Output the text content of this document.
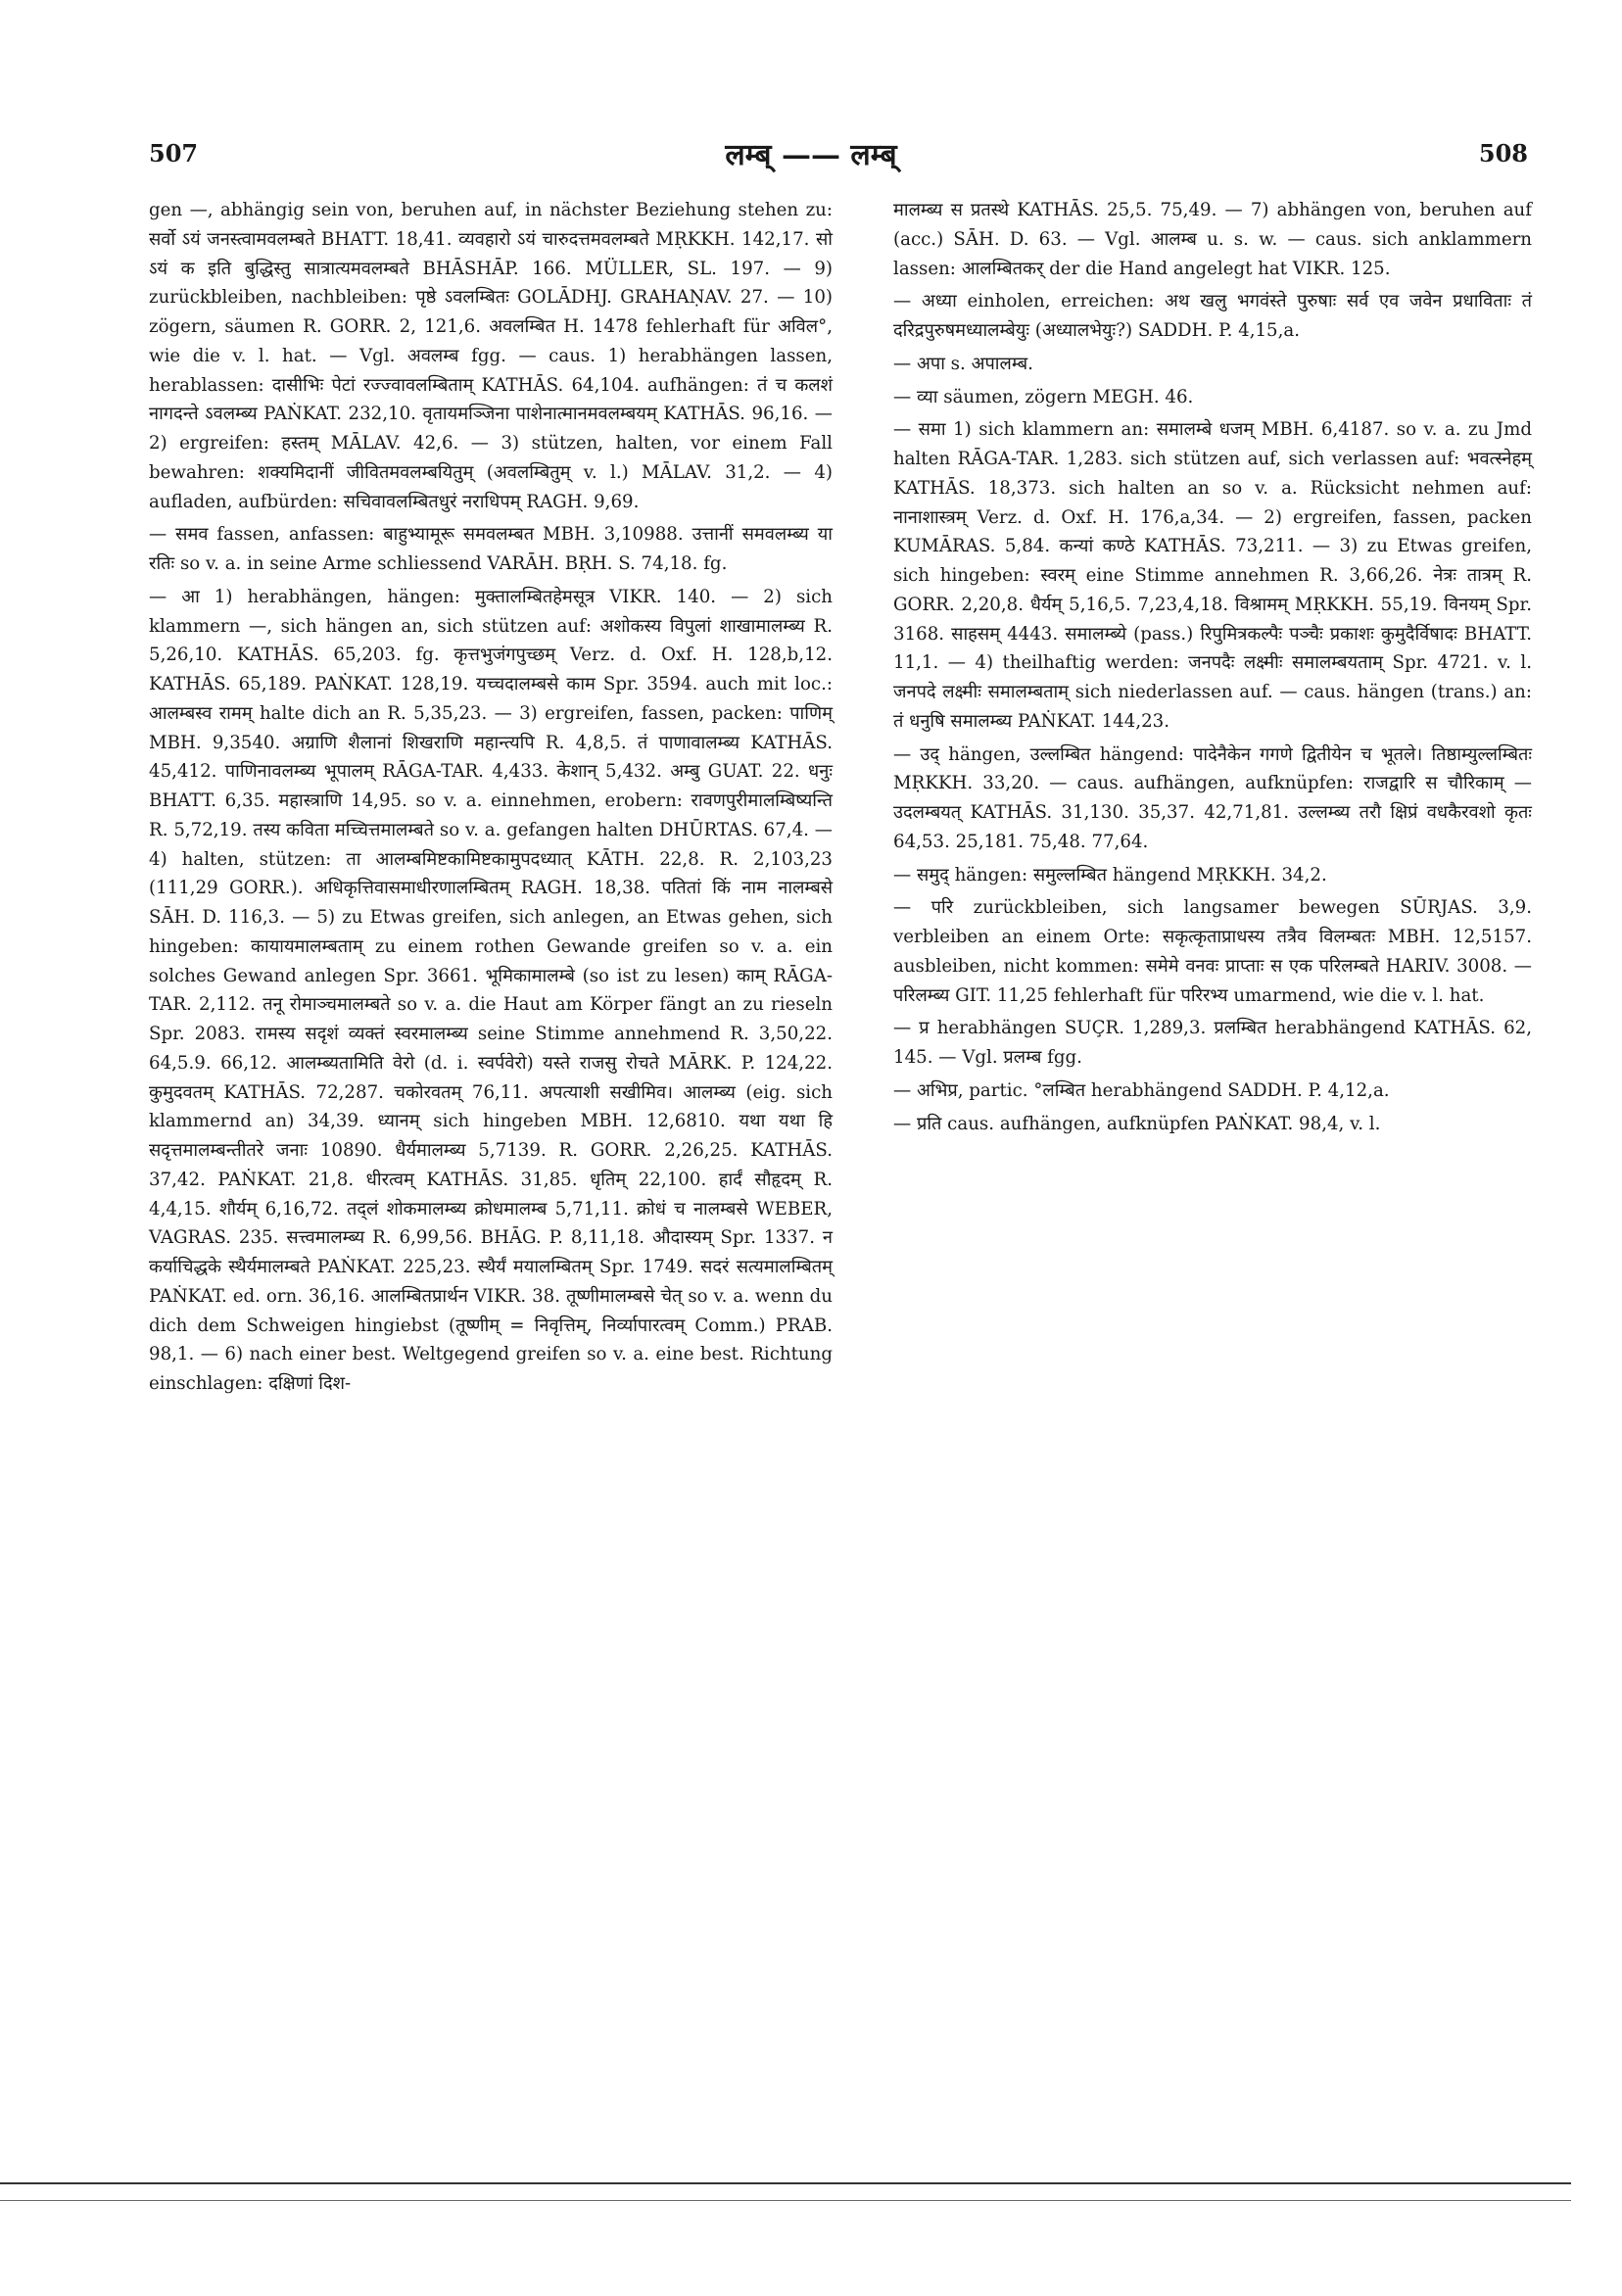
507	लम्ब् —— लम्ब्	508

gen —, abhängig sein von, beruhen auf, in nächster Beziehung stehen zu: सर्वो ऽयं जनस्त्वामवलम्बते BHATT. 18,41. व्यवहारो ऽयं चारुदत्तमवलम्बते MṚKKH. 142,17. सो ऽयं क इति बुद्धिस्तु सात्रात्यमवलम्बते BHĀSHĀP. 166. MÜLLER, SL. 197. — 9) zurückbleiben, nachbleiben: पृष्ठे ऽवलम्बितः GOLĀDHJ. GRAHAṆAV. 27. — 10) zögern, säumen R. GORR. 2, 121,6. अवलम्बित H. 1478 fehlerhaft für अविल°, wie die v. l. hat. — Vgl. अवलम्ब fgg. — caus. 1) herabhängen lassen, herablassen: दासीभिः पेटां रज्ज्वावलम्बिताम् KATHĀS. 64,104. aufhängen: तं च कलशं नागदन्ते ऽवलम्ब्य PAṄKAT. 232,10. वृतायमञ्जिना पाशेनात्मानमवलम्बयम् KATHĀS. 96,16. — 2) ergreifen: हस्तम् MĀLAV. 42,6. — 3) stützen, halten, vor einem Fall bewahren: शक्यमिदानीं जीवितमवलम्बयितुम् (अवलम्बितुम् v. l.) MĀLAV. 31,2. — 4) aufladen, aufbürden: सचिवावलम्बितधुरं नराधिपम् RAGH. 9,69.

— समव fassen, anfassen: बाहुभ्यामूरू समवलम्बत MBH. 3,10988. उत्तानीं समवलम्ब्य या रतिः so v. a. in seine Arme schliessend VARĀH. BṚH. S. 74,18. fg.

— आ 1) herabhängen, hängen: मुक्तालम्बितहेमसूत्र VIKR. 140. — 2) sich klammern —, sich hängen an, sich stützen auf: अशोकस्य विपुलां शाखामालम्ब्य R. 5,26,10. KATHĀS. 65,203. fg. कृत्तभुजंगपुच्छम् Verz. d. Oxf. H. 128,b,12. KATHĀS. 65,189. PAṄKAT. 128,19. यच्चदालम्बसे काम Spr. 3594. auch mit loc.: आलम्बस्व रामम् halte dich an R. 5,35,23. — 3) ergreifen, fassen, packen: पाणिम् MBH. 9,3540. अग्राणि शैलानां शिखराणि महान्त्यपि R. 4,8,5. तं पाणावालम्ब्य KATHĀS. 45,412. पाणिनावलम्ब्य भूपालम् RĀGA-TAR. 4,433. केशान् 5,432. अम्बु GUAT. 22. धनुः BHATT. 6,35. महास्त्राणि 14,95. so v. a. einnehmen, erobern: रावणपुरीमालम्बिष्यन्ति R. 5,72,19. तस्य कविता मच्चित्तमालम्बते so v. a. gefangen halten DHŪRTAS. 67,4. — 4) halten, stützen: ता आलम्बमिष्टकामिष्टकामुपदध्यात् KĀTH. 22,8. R. 2,103,23 (111,29 GORR.). अधिकृत्तिवासमाधीरणालम्बितम् RAGH. 18,38. पतितां किं नाम नालम्बसे SĀH. D. 116,3. — 5) zu Etwas greifen, sich anlegen, an Etwas gehen, sich hingeben: कायायमालम्बताम् zu einem rothen Gewande greifen so v. a. ein solches Gewand anlegen Spr. 3661. भूमिकामालम्बे (so ist zu lesen) काम् RĀGA-TAR. 2,112. तनू रोमाञ्चमालम्बते so v. a. die Haut am Körper fängt an zu rieseln Spr. 2083. रामस्य सदृशं व्यक्तं स्वरमालम्ब्य seine Stimme annehmend R. 3,50,22. 64,5.9. 66,12. आलम्ब्यतामिति वेरो (d. i. स्वर्पवेरो) यस्ते राजसु रोचते MĀRK. P. 124,22. कुमुदवतम् KATHĀS. 72,287. चकोरवतम् 76,11. अपत्याशी सखीमिव। आलम्ब्य (eig. sich klammernd an) 34,39. ध्यानम् sich hingeben MBH. 12,6810. यथा यथा हि सदृत्तमालम्बन्तीतरे जनाः 10890. धैर्यमालम्ब्य 5,7139. R. GORR. 2,26,25. KATHĀS. 37,42. PAṄKAT. 21,8. धीरत्वम् KATHĀS. 31,85. धृतिम् 22,100. हार्दं सौहृदम् R. 4,4,15. शौर्यम् 6,16,72. तद्लं शोकमालम्ब्य क्रोधमालम्ब 5,71,11. क्रोधं च नालम्बसे WEBER, VAGRAS. 235. सत्त्वमालम्ब्य R. 6,99,56. BHĀG. P. 8,11,18. औदास्यम् Spr. 1337. न कर्याचिद्धके स्थैर्यमालम्बते PAṄKAT. 225,23. स्थैर्यं मयालम्बितम् Spr. 1749. सदरं सत्यमालम्बितम् PAṄKAT. ed. orn. 36,16. आलम्बितप्रार्थन VIKR. 38. तूष्णीमालम्बसे चेत् so v. a. wenn du dich dem Schweigen hingiebst (तूष्णीम् = निवृत्तिम्, निर्व्यापारत्वम् Comm.) PRAB. 98,1. — 6) nach einer best. Weltgegend greifen so v. a. eine best. Richtung einschlagen: दक्षिणां दिश-

मालम्ब्य स प्रतस्थे KATHĀS. 25,5. 75,49. — 7) abhängen von, beruhen auf (acc.) SĀH. D. 63. — Vgl. आलम्ब u. s. w. — caus. sich anklammern lassen: आलम्बितकर् der die Hand angelegt hat VIKR. 125.

— अध्या einholen, erreichen: अथ खलु भगवंस्ते पुरुषाः सर्व एव जवेन प्रधाविताः तं दरिद्रपुरुषमध्यालम्बेयुः (अध्यालभेयुः?) SADDH. P. 4,15,a.

— अपा s. अपालम्ब.

— व्या säumen, zögern MEGH. 46.

— समा 1) sich klammern an: समालम्बे धजम् MBH. 6,4187. so v. a. zu Jmd halten RĀGA-TAR. 1,283. sich stützen auf, sich verlassen auf: भवत्स्नेहम् KATHĀS. 18,373. sich halten an so v. a. Rücksicht nehmen auf: नानाशास्त्रम् Verz. d. Oxf. H. 176,a,34. — 2) ergreifen, fassen, packen KUMĀRAS. 5,84. कन्यां कण्ठे KATHĀS. 73,211. — 3) zu Etwas greifen, sich hingeben: स्वरम् eine Stimme annehmen R. 3,66,26. नेत्रः तात्रम् R. GORR. 2,20,8. धैर्यम् 5,16,5. 7,23,4,18. विश्रामम् MṚKKH. 55,19. विनयम् Spr. 3168. साहसम् 4443. समालम्ब्ये (pass.) रिपुमित्रकल्पैः पञ्चैः प्रकाशः कुमुदैर्विषादः BHATT. 11,1. — 4) theilhaftig werden: जनपदैः लक्ष्मीः समालम्बयताम् Spr. 4721. v. l. जनपदे लक्ष्मीः समालम्बताम् sich niederlassen auf. — caus. hängen (trans.) an: तं धनुषि समालम्ब्य PAṄKAT. 144,23.

— उद् hängen, उल्लम्बित hängend: पादेनैकेन गगणे द्वितीयेन च भूतले। तिष्ठाम्युल्लम्बितः MṚKKH. 33,20. — caus. aufhängen, aufknüpfen: राजद्वारि स चौरिकाम् — उदलम्बयत् KATHĀS. 31,130. 35,37. 42,71,81. उल्लम्ब्य तरौ क्षिप्रं वधकैरवशो कृतः 64,53. 25,181. 75,48. 77,64.

— समुद् hängen: समुल्लम्बित hängend MṚKKH. 34,2.

— परि zurückbleiben, sich langsamer bewegen SŪRJAS. 3,9. verbleiben an einem Orte: सकृत्कृताप्राधस्य तत्रैव विलम्बतः MBH. 12,5157. ausbleiben, nicht kommen: समेमे वनवः प्राप्ताः स एक परिलम्बते HARIV. 3008. — परिलम्ब्य GIT. 11,25 fehlerhaft für परिरभ्य umarmend, wie die v. l. hat.

— प्र herabhängen SUÇR. 1,289,3. प्रलम्बित herabhängend KATHĀS. 62, 145. — Vgl. प्रलम्ब fgg.

— अभिप्र, partic. °लम्बित herabhängend SADDH. P. 4,12,a.

— प्रति caus. aufhängen, aufknüpfen PAṄKAT. 98,4, v. l.
